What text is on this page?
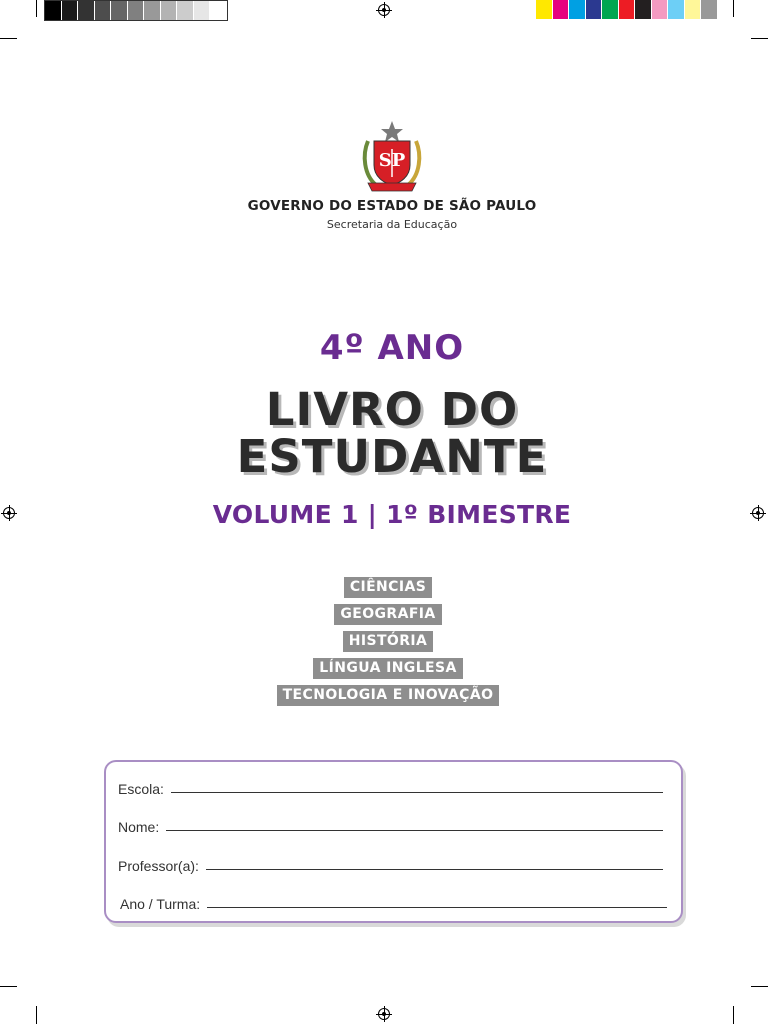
SP
GOVERNO DO ESTADO DE SÃO PAULO
Secretaria da Educação
4º ANO
LIVRO DO
ESTUDANTE
VOLUME 1 | 1º BIMESTRE
CIÊNCIAS
GEOGRAFIA
HISTÓRIA
LÍNGUA INGLESA
TECNOLOGIA E INOVAÇÃO
Escola:
Nome:
Professor(a):
Ano / Turma:
